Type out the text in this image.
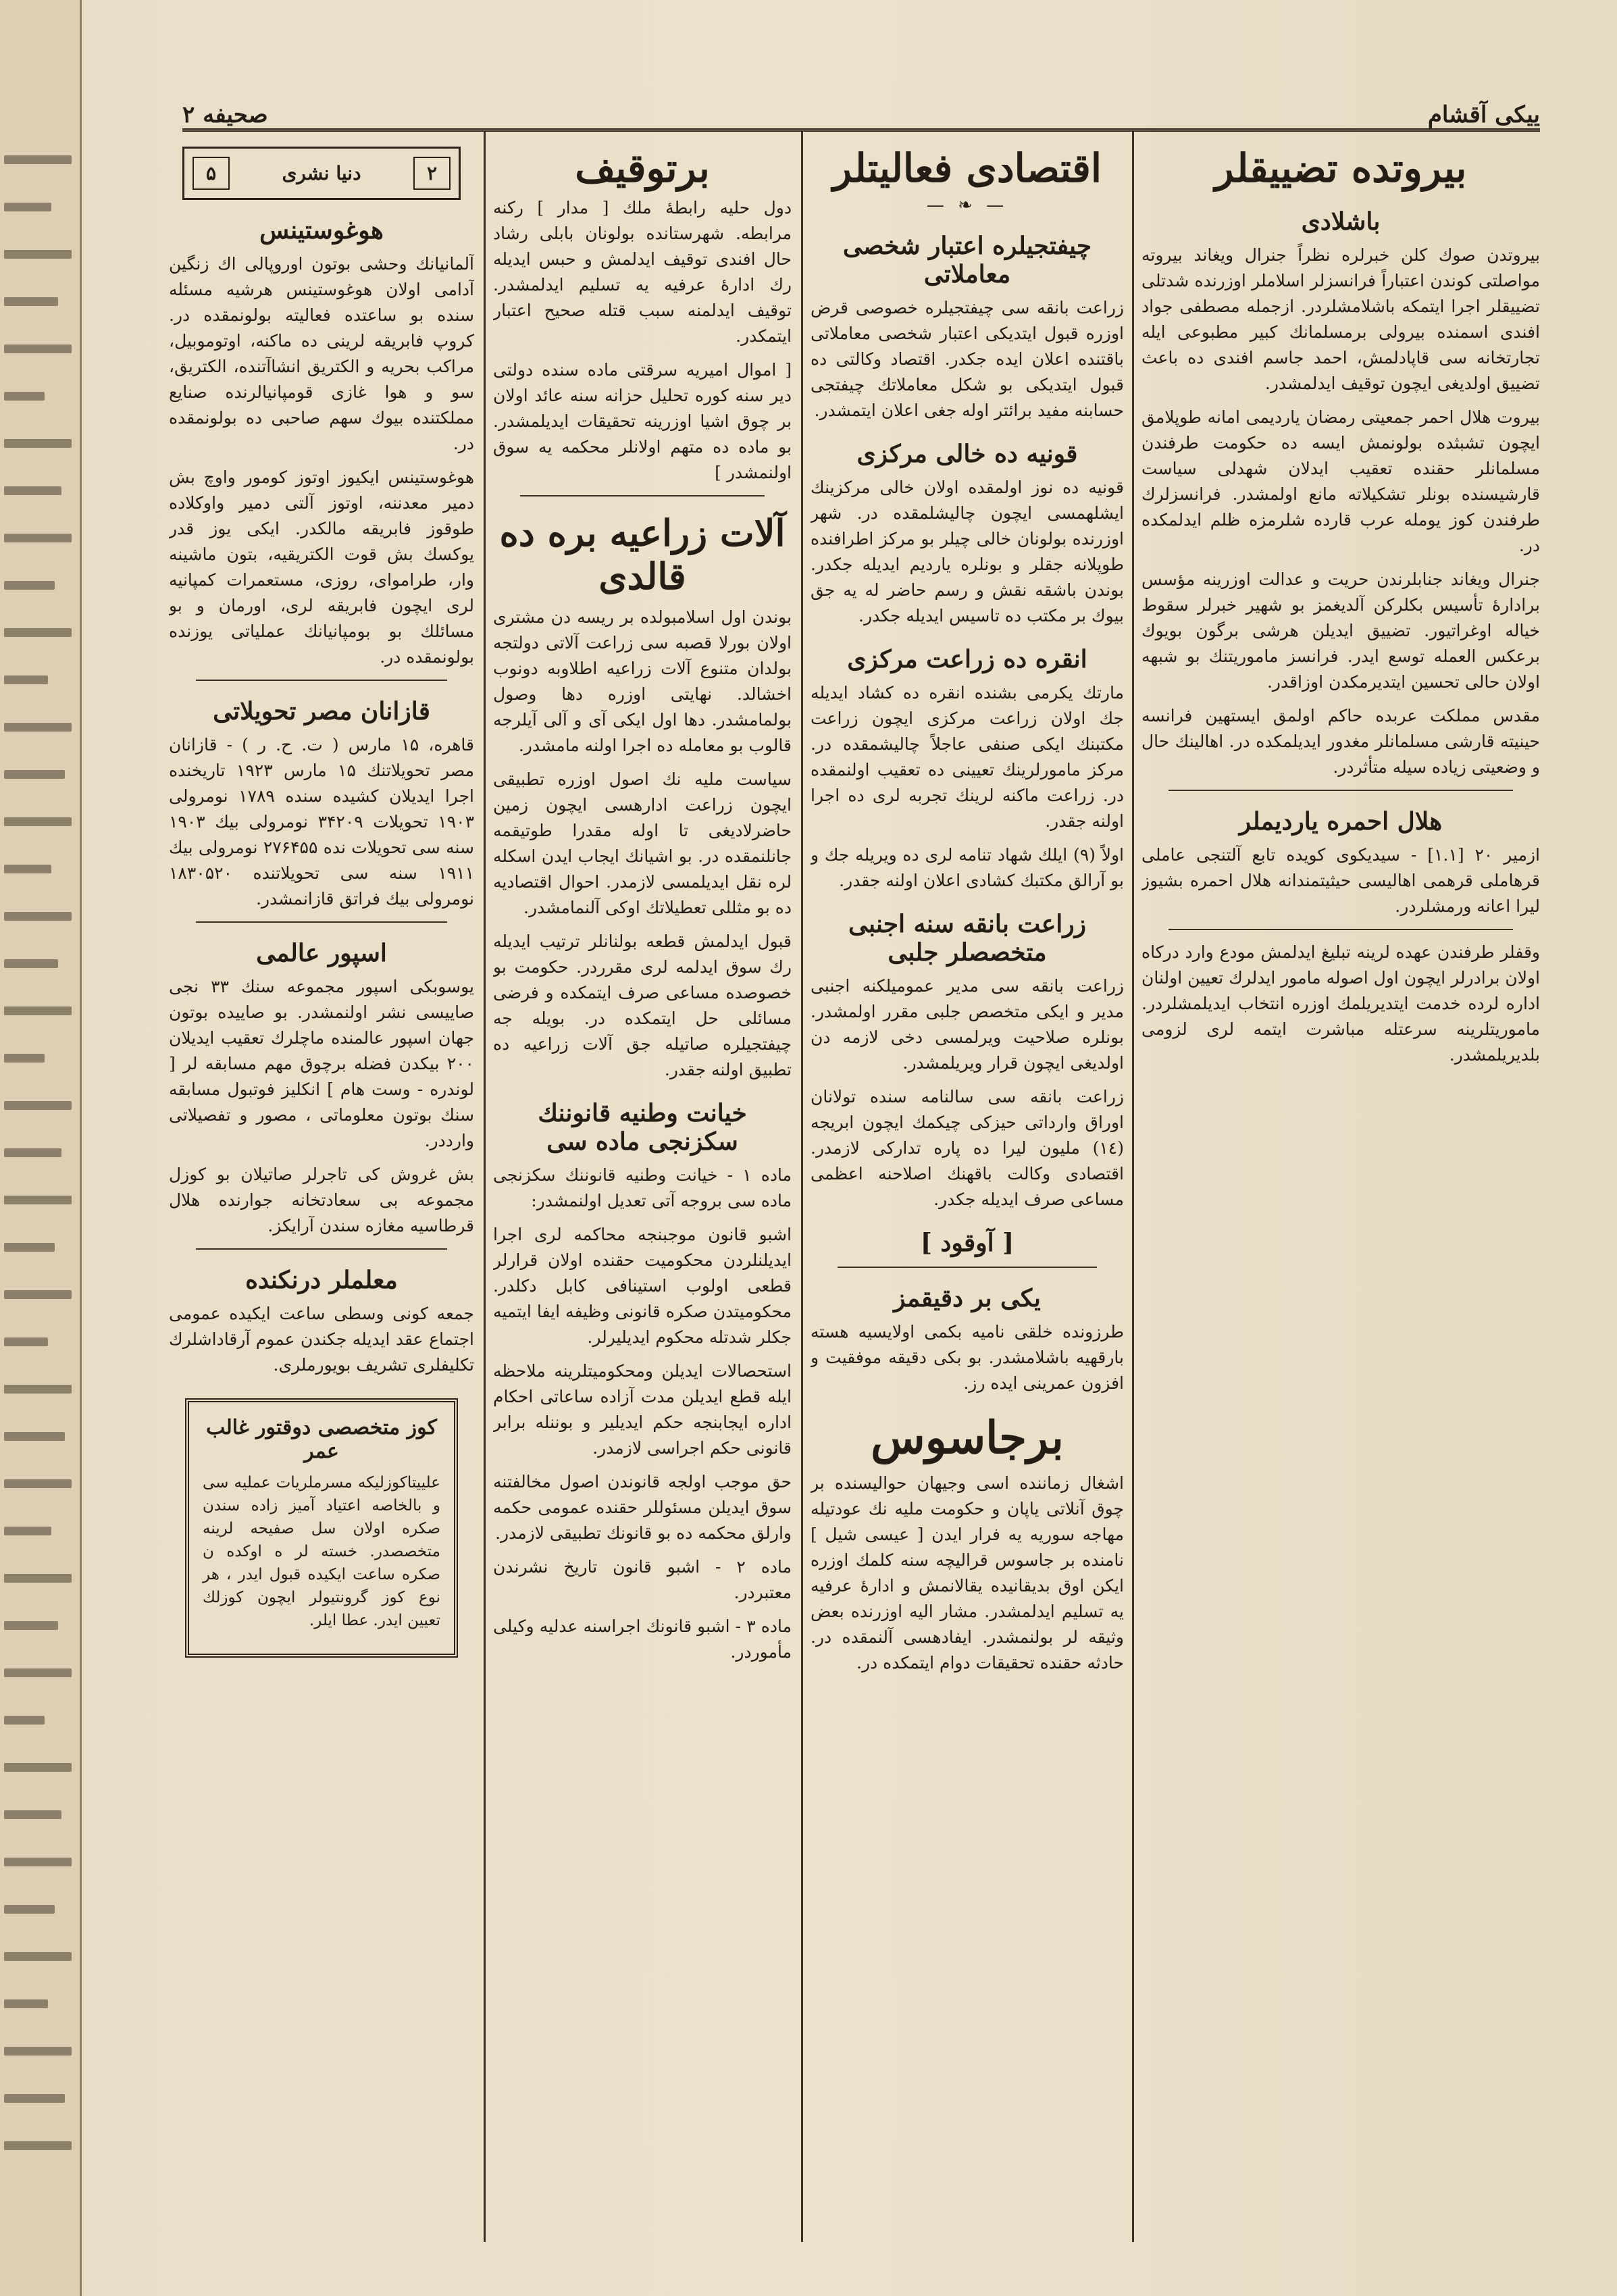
ییکی آقشام
صحیفه ۲
بیروتده تضییقلر
باشلادی

بیروتدن صوك كلن خبرلره نظراً جنرال ویغاند بیروته مواصلتی كوندن اعتباراً فرانسزلر اسلاملر اوزرنده شدتلی تضییقلر اجرا ایتمكه باشلامشلردر. ازجمله مصطفی جواد افندی اسمنده بیرولی برمسلمانك كبیر مطبوعی ایله تجارتخانه سی قاپادلمش، احمد جاسم افندی ده باعث تضییق اولدیغی ایچون توقیف ایدلمشدر.

بیروت هلال احمر جمعیتی رمضان یاردیمی امانه طوپلامق ایچون تشبثده بولونمش ایسه ده حكومت طرفندن مسلمانلر حقنده تعقیب ایدلان شهدلی سیاست قارشیسنده بونلر تشكیلاته مانع اولمشدر. فرانسزلرك طرفندن كوز یومله عرب قارده شلرمزه ظلم ایدلمكده در.

جنرال ویغاند جنابلرندن حریت و عدالت اوزرینه مؤسس برادارهٔ تأسیس بكلركن آلدیغمز بو شهیر خبرلر سقوط خیاله اوغراتیور. تضییق ایدیلن هرشی برگون بویوك برعكس العمله توسع ایدر. فرانسز ماموریتنك بو شبهه اولان حالی تحسین ایتدیرمكدن اوزاقدر.

مقدس مملكت عربده حاكم اولمق ایستهین فرانسه حینیته قارشی مسلمانلر مغدور ایدیلمكده در. اهالینك حال و وضعیتی زیاده سیله متأثردر.

هلال احمره یاردیملر

ازمیر ۲۰ [١.١] - سیدیكوی كویده تابع آلتنجی عاملی قرهاملی قرهمی اهالیسی حیثیتمندانه هلال احمره بشیوز لیرا اعانه ورمشلردر.

وقفلر طرفندن عهده لرینه تبلیغ ایدلمش مودع وارد دركاه اولان برادرلر ایچون اول اصوله مامور ایدلرك تعیین اولنان اداره لرده خدمت ایتدیریلمك اوزره انتخاب ایدیلمشلردر. ماموریتلرینه سرعتله مباشرت ایتمه لری لزومی بلدیریلمشدر.

اقتصادی فعالیتلر
— ❧ —
چیفتجیلره اعتبار شخصی معاملاتی

زراعت بانقه سی چیفتجیلره خصوصی قرض اوزره قبول ایتدیكی اعتبار شخصی معاملاتی باقتنده اعلان ایده جكدر. اقتصاد وكالتی ده قبول ایتدیكی بو شكل معاملاتك چیفتجی حسابنه مفید برائتر اوله جغی اعلان ایتمشدر.

قونیه ده خالی مركزی

قونیه ده نوز اولمقده اولان خالی مركزینك ایشلهمسی ایچون چالیشلمقده در. شهر اوزرنده بولونان خالی چیلر بو مركز اطرافنده طوپلانه جقلر و بونلره یاردیم ایدیله جكدر. بوندن باشقه نقش و رسم حاضر له یه جق بیوك بر مكتب ده تاسیس ایدیله جكدر.

انقره ده زراعت مركزی

مارتك یكرمی بشنده انقره ده كشاد ایدیله جك اولان زراعت مركزی ایچون زراعت مكتبنك ایكی صنفی عاجلاً چالیشمقده در. مركز مامورلرینك تعیینی ده تعقیب اولنمقده در. زراعت ماكنه لرینك تجربه لری ده اجرا اولنه جقدر.

اولاً (۹) ایلك شهاد تنامه لری ده ویریله جك و بو آرالق مكتبك كشادی اعلان اولنه جقدر.

زراعت بانقه سنه اجنبی متخصصلر جلبی

زراعت بانقه سی مدیر عمومیلكنه اجنبی مدیر و ایكی متخصص جلبی مقرر اولمشدر. بونلره صلاحیت ویرلمسی دخی لازمه دن اولدیغی ایچون قرار ویریلمشدر.

زراعت بانقه سی سالنامه سنده تولانان اوراق وارداتی حیزكی چیكمك ایچون ابریجه (١٤) ملیون لیرا ده پاره تداركی لازمدر. اقتصادی وكالت باقهنك اصلاحنه اعظمی مساعی صرف ایدیله جكدر.

[ آوقود ]
یكی بر دقیقمز

طرزونده خلقی نامیه بكمی اولایسیه هسته بارقهیه باشلامشدر. بو بكی دقیقه موفقیت و افزون عمرینی ایده رز.

برجاسوس

اشغال زماننده اسی وجیهان حوالیسنده بر چوق آنلاتی یاپان و حكومت ملیه نك عودتیله مهاجه سوریه یه فرار ایدن [ عیسی شیل ] نامنده بر جاسوس قرالیچه سنه كلمك اوزره ایكن اوق بدیقانیده یقالانمش و ادارهٔ عرفیه یه تسلیم ایدلمشدر. مشار الیه اوزرنده بعض وثیقه لر بولنمشدر. ایفادهسی آلنمقده در. حادثه حقنده تحقیقات دوام ایتمکده در.

برتوقیف

دول حلیه رابطهٔ ملك [ مدار ] ركنه مرابطه. شهرستانده بولونان بابلی رشاد حال افندی توقیف ایدلمش و حبس ایدیله رك ادارهٔ عرفیه یه تسلیم ایدلمشدر. توقیف ایدلمنه سبب قتله صحیح اعتبار ایتمكدر.

[ اموال امیریه سرقتی ماده سنده دولتی دیر سنه كوره تحلیل حزانه سنه عائد اولان بر چوق اشیا اوزرینه تحقیقات ایدیلمشدر. بو ماده ده متهم اولانلر محكمه یه سوق اولنمشدر ]

آلات زراعیه بره ده قالدی

بوندن اول اسلامبولده بر ریسه دن مشتری اولان بورلا قصبه سی زراعت آلاتی دولتجه بولدان متنوع آلات زراعیه اطلاوبه دونوب اخشالد. نهایتی اوزره دها وصول بولمامشدر. دها اول ایكی آی و آلی آیلرجه قالوب بو معامله ده اجرا اولنه مامشدر.

سیاست ملیه نك اصول اوزره تطبیقی ایچون زراعت ادارهسی ایچون زمین حاضرلادیغی تا اوله مقدرا طوتیقمه جانلنمقده در. بو اشیانك ایجاب ایدن اسكله لره نقل ایدیلمسی لازمدر. احوال اقتصادیه ده بو مثللی تعطیلاتك اوكی آلنمامشدر.

قبول ایدلمش قطعه بولنانلر ترتیب ایدیله رك سوق ایدلمه لری مقرردر. حكومت بو خصوصده مساعی صرف ایتمكده و فرضی مسائلی حل ایتمكده در. بویله جه چیفتجیلره صاتیله جق آلات زراعیه ده تطبیق اولنه جقدر.

خیانت وطنیه قانوننك سكزنجی ماده سی

ماده ۱ - خیانت وطنیه قانوننك سكزنجی ماده سی بروجه آتی تعدیل اولنمشدر:

اشبو قانون موجبنجه محاكمه لری اجرا ایدیلنلردن محكومیت حقنده اولان قرارلر قطعی اولوب استینافی كابل دكلدر. محكومیتدن صكره قانونی وظیفه ایفا ایتمیه جكلر شدتله محكوم ایدیلیرلر.

استحصالات ایدیلن ومحكومیتلرینه ملاحظه ایله قطع ایدیلن مدت آزاده ساعاتی احكام اداره ایجابنجه حكم ایدیلیر و بوننله برابر قانونی حكم اجراسی لازمدر.

حق موجب اولجه قانوندن اصول مخالفتنه سوق ایدیلن مسئوللر حقنده عمومی حكمه وارلق محكمه ده بو قانونك تطبیقی لازمدر.

ماده ۲ - اشبو قانون تاریخ نشرندن معتبردر.

ماده ۳ - اشبو قانونك اجراسنه عدلیه وكیلی مأموردر.

۲
دنیا نشری
۵
هوغوستینس

آلمانیانك وحشی بوتون اوروپالی اك زنگین آدامی اولان هوغوستینس هرشیه مسئله سنده بو ساعتده فعالیته بولونمقده در. كروپ فابریقه لرینی ده ماكنه، اوتوموبیل، مراكب بحریه و الكتریق انشاآتنده، الكتریق، سو و هوا غازی قومپانیالرنده صنایع مملكتنده بیوك سهم صاحبی ده بولونمقده در.

هوغوستینس ایكیوز اوتوز كومور واوچ بش دمیر معدننه، اوتوز آلتی دمیر واوكلاده طوقوز فابریقه مالكدر. ایكی یوز قدر یوكسك بش قوت الكتریقیه، بتون ماشینه وار، طرامواى، روزی، مستعمرات كمپانیه لری ایچون فابریقه لری، اورمان و بو مسائلك بو بومپانیانك عملیاتی یوزنده بولونمقده در.

قازانان مصر تحویلاتی

قاهره، ۱۵ مارس ( ت. ح. ر ) - قازانان مصر تحویلاتنك ۱۵ مارس ۱۹۲۳ تاریخنده اجرا ایدیلان كشیده سنده ۱۷۸۹ نومرولی ۱۹۰۳ تحویلات ۳۴۲۰۹ نومرولی بیك ۱۹۰۳ سنه سی تحویلات نده ۲۷۶۴۵۵ نومرولی بیك ۱۹۱۱ سنه سی تحویلاتنده ۱۸۳۰۵۲۰ نومرولی بیك فراتق قازانمشدر.

اسپور عالمی

یوسوبكی اسپور مجموعه سنك ۳۳ نجی صاییسی نشر اولنمشدر. بو صاییده بوتون جهان اسپور عالمنده ماچلرك تعقیب ایدیلان ۲۰۰ بیكدن فضله برچوق مهم مسابقه لر [ لوندره - وست هام ] انكلیز فوتبول مسابقه سنك بوتون معلوماتی ، مصور و تفصیلاتی وارددر.

بش غروش كی تاجرلر صاتیلان بو كوزل مجموعه بی سعادتخانه جوارنده هلال قرطاسیه مغازه سندن آرایكز.

معلملر درنكنده

جمعه كونی وسطی ساعت ایكیده عمومی اجتماع عقد ایدیله جكندن عموم آرقاداشلرك تكلیفلری تشریف بویورملری.

كوز متخصصی دوقتور غالب عمر

علییتاكوزلیكه مسرملریات عملیه سی و بالخاصه اعتیاد آمیز زاده سندن صكره اولان سل صفیحه لرینه متخصصدر. خسته لر ه اوكده ن صكره ساعت ایكیده قبول ایدر ، هر نوع كوز گرونتیولر ایچون كوزلك تعیین ایدر. عطا ایلر.
